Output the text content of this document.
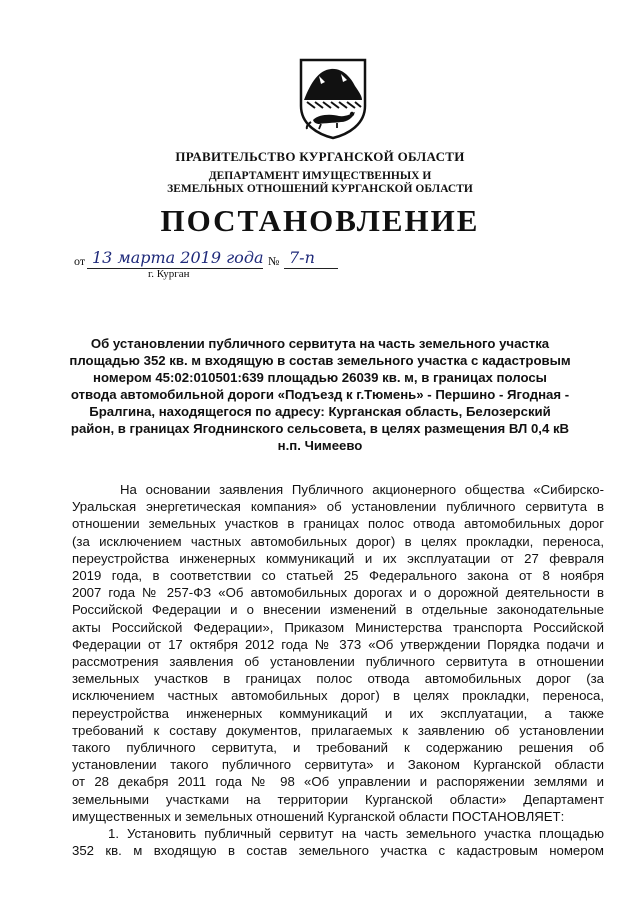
ПРАВИТЕЛЬСТВО КУРГАНСКОЙ ОБЛАСТИ
ДЕПАРТАМЕНТ ИМУЩЕСТВЕННЫХ И
ЗЕМЕЛЬНЫХ ОТНОШЕНИЙ КУРГАНСКОЙ ОБЛАСТИ
ПОСТАНОВЛЕНИЕ
от 13 марта 2019 года № 7-п
г. Курган
Об установлении публичного сервитута на часть земельного участка
площадью 352 кв. м входящую в состав земельного участка с кадастровым
номером 45:02:010501:639 площадью 26039 кв. м, в границах полосы
отвода автомобильной дороги «Подъезд к г.Тюмень» - Першино - Ягодная -
Бралгина, находящегося по адресу: Курганская область, Белозерский
район, в границах Ягоднинского сельсовета, в целях размещения ВЛ 0,4 кВ
н.п. Чимеево
На основании заявления Публичного акционерного общества «Сибирско-
Уральская энергетическая компания» об установлении публичного сервитута в
отношении земельных участков в границах полос отвода автомобильных дорог
(за исключением частных автомобильных дорог) в целях прокладки, переноса,
переустройства инженерных коммуникаций и их эксплуатации от 27 февраля
2019 года, в соответствии со статьей 25 Федерального закона от 8 ноября
2007 года № 257-ФЗ «Об автомобильных дорогах и о дорожной деятельности в
Российской Федерации и о внесении изменений в отдельные законодательные
акты Российской Федерации», Приказом Министерства транспорта Российской
Федерации от 17 октября 2012 года № 373 «Об утверждении Порядка подачи и
рассмотрения заявления об установлении публичного сервитута в отношении
земельных участков в границах полос отвода автомобильных дорог (за
исключением частных автомобильных дорог) в целях прокладки, переноса,
переустройства инженерных коммуникаций и их эксплуатации, а также
требований к составу документов, прилагаемых к заявлению об установлении
такого публичного сервитута, и требований к содержанию решения об
установлении такого публичного сервитута» и Законом Курганской области
от 28 декабря 2011 года № 98 «Об управлении и распоряжении землями и
земельными участками на территории Курганской области» Департамент
имущественных и земельных отношений Курганской области ПОСТАНОВЛЯЕТ:
1. Установить публичный сервитут на часть земельного участка площадью
352 кв. м входящую в состав земельного участка с кадастровым номером
